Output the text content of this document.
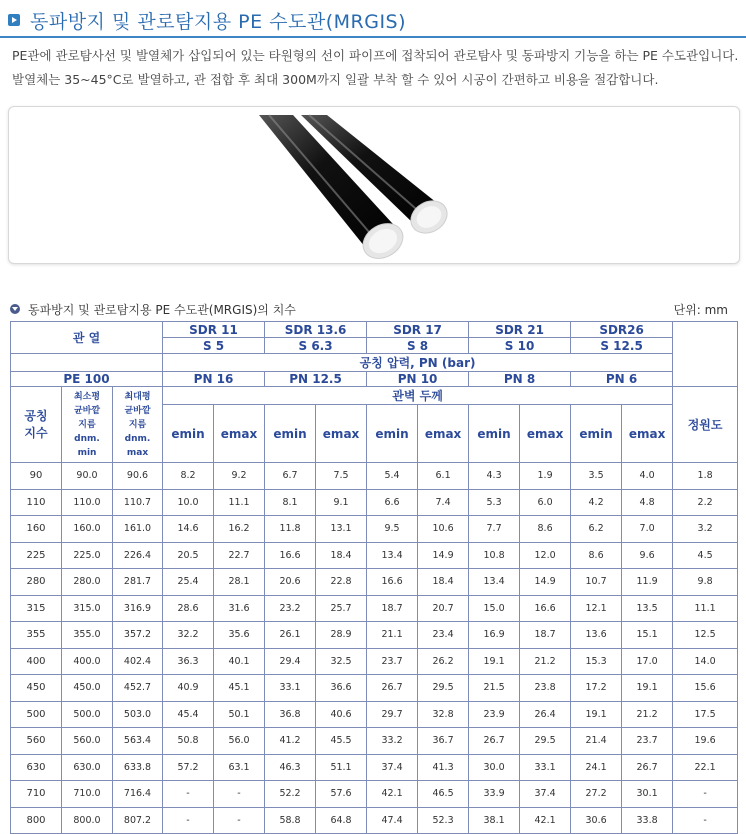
동파방지 및 관로탐지용 PE 수도관(MRGIS)
PE관에 관로탐사선 및 발열체가 삽입되어 있는 타원형의 선이 파이프에 접착되어 관로탐사 및 동파방지 기능을 하는 PE 수도관입니다.
발열체는 35~45°C로 발열하고, 관 접합 후 최대 300M까지 일괄 부착 할 수 있어 시공이 간편하고 비용을 절감합니다.
동파방지 및 관로탐지용 PE 수도관(MRGIS)의 치수	단위: mm
관 열			SDR 11		SDR 13.6		SDR 17		SDR 21		SDR26		
			S 5		S 6.3		S 8		S 10		S 12.5		
			공칭 압력, PN (bar)										
PE 100			PN 16		PN 12.5		PN 10		PN 8		PN 6		
공칭
지수	최소평
균바깥
지름
dnm.
min	최대평
균바깥
지름
dnm.
max	관벽 두께										정원도
			emin	emax	emin	emax	emin	emax	emin	emax	emin	emax	
90	90.0	90.6	8.2	9.2	6.7	7.5	5.4	6.1	4.3	1.9	3.5	4.0	1.8
110	110.0	110.7	10.0	11.1	8.1	9.1	6.6	7.4	5.3	6.0	4.2	4.8	2.2
160	160.0	161.0	14.6	16.2	11.8	13.1	9.5	10.6	7.7	8.6	6.2	7.0	3.2
225	225.0	226.4	20.5	22.7	16.6	18.4	13.4	14.9	10.8	12.0	8.6	9.6	4.5
280	280.0	281.7	25.4	28.1	20.6	22.8	16.6	18.4	13.4	14.9	10.7	11.9	9.8
315	315.0	316.9	28.6	31.6	23.2	25.7	18.7	20.7	15.0	16.6	12.1	13.5	11.1
355	355.0	357.2	32.2	35.6	26.1	28.9	21.1	23.4	16.9	18.7	13.6	15.1	12.5
400	400.0	402.4	36.3	40.1	29.4	32.5	23.7	26.2	19.1	21.2	15.3	17.0	14.0
450	450.0	452.7	40.9	45.1	33.1	36.6	26.7	29.5	21.5	23.8	17.2	19.1	15.6
500	500.0	503.0	45.4	50.1	36.8	40.6	29.7	32.8	23.9	26.4	19.1	21.2	17.5
560	560.0	563.4	50.8	56.0	41.2	45.5	33.2	36.7	26.7	29.5	21.4	23.7	19.6
630	630.0	633.8	57.2	63.1	46.3	51.1	37.4	41.3	30.0	33.1	24.1	26.7	22.1
710	710.0	716.4	-	-	52.2	57.6	42.1	46.5	33.9	37.4	27.2	30.1	-
800	800.0	807.2	-	-	58.8	64.8	47.4	52.3	38.1	42.1	30.6	33.8	-
